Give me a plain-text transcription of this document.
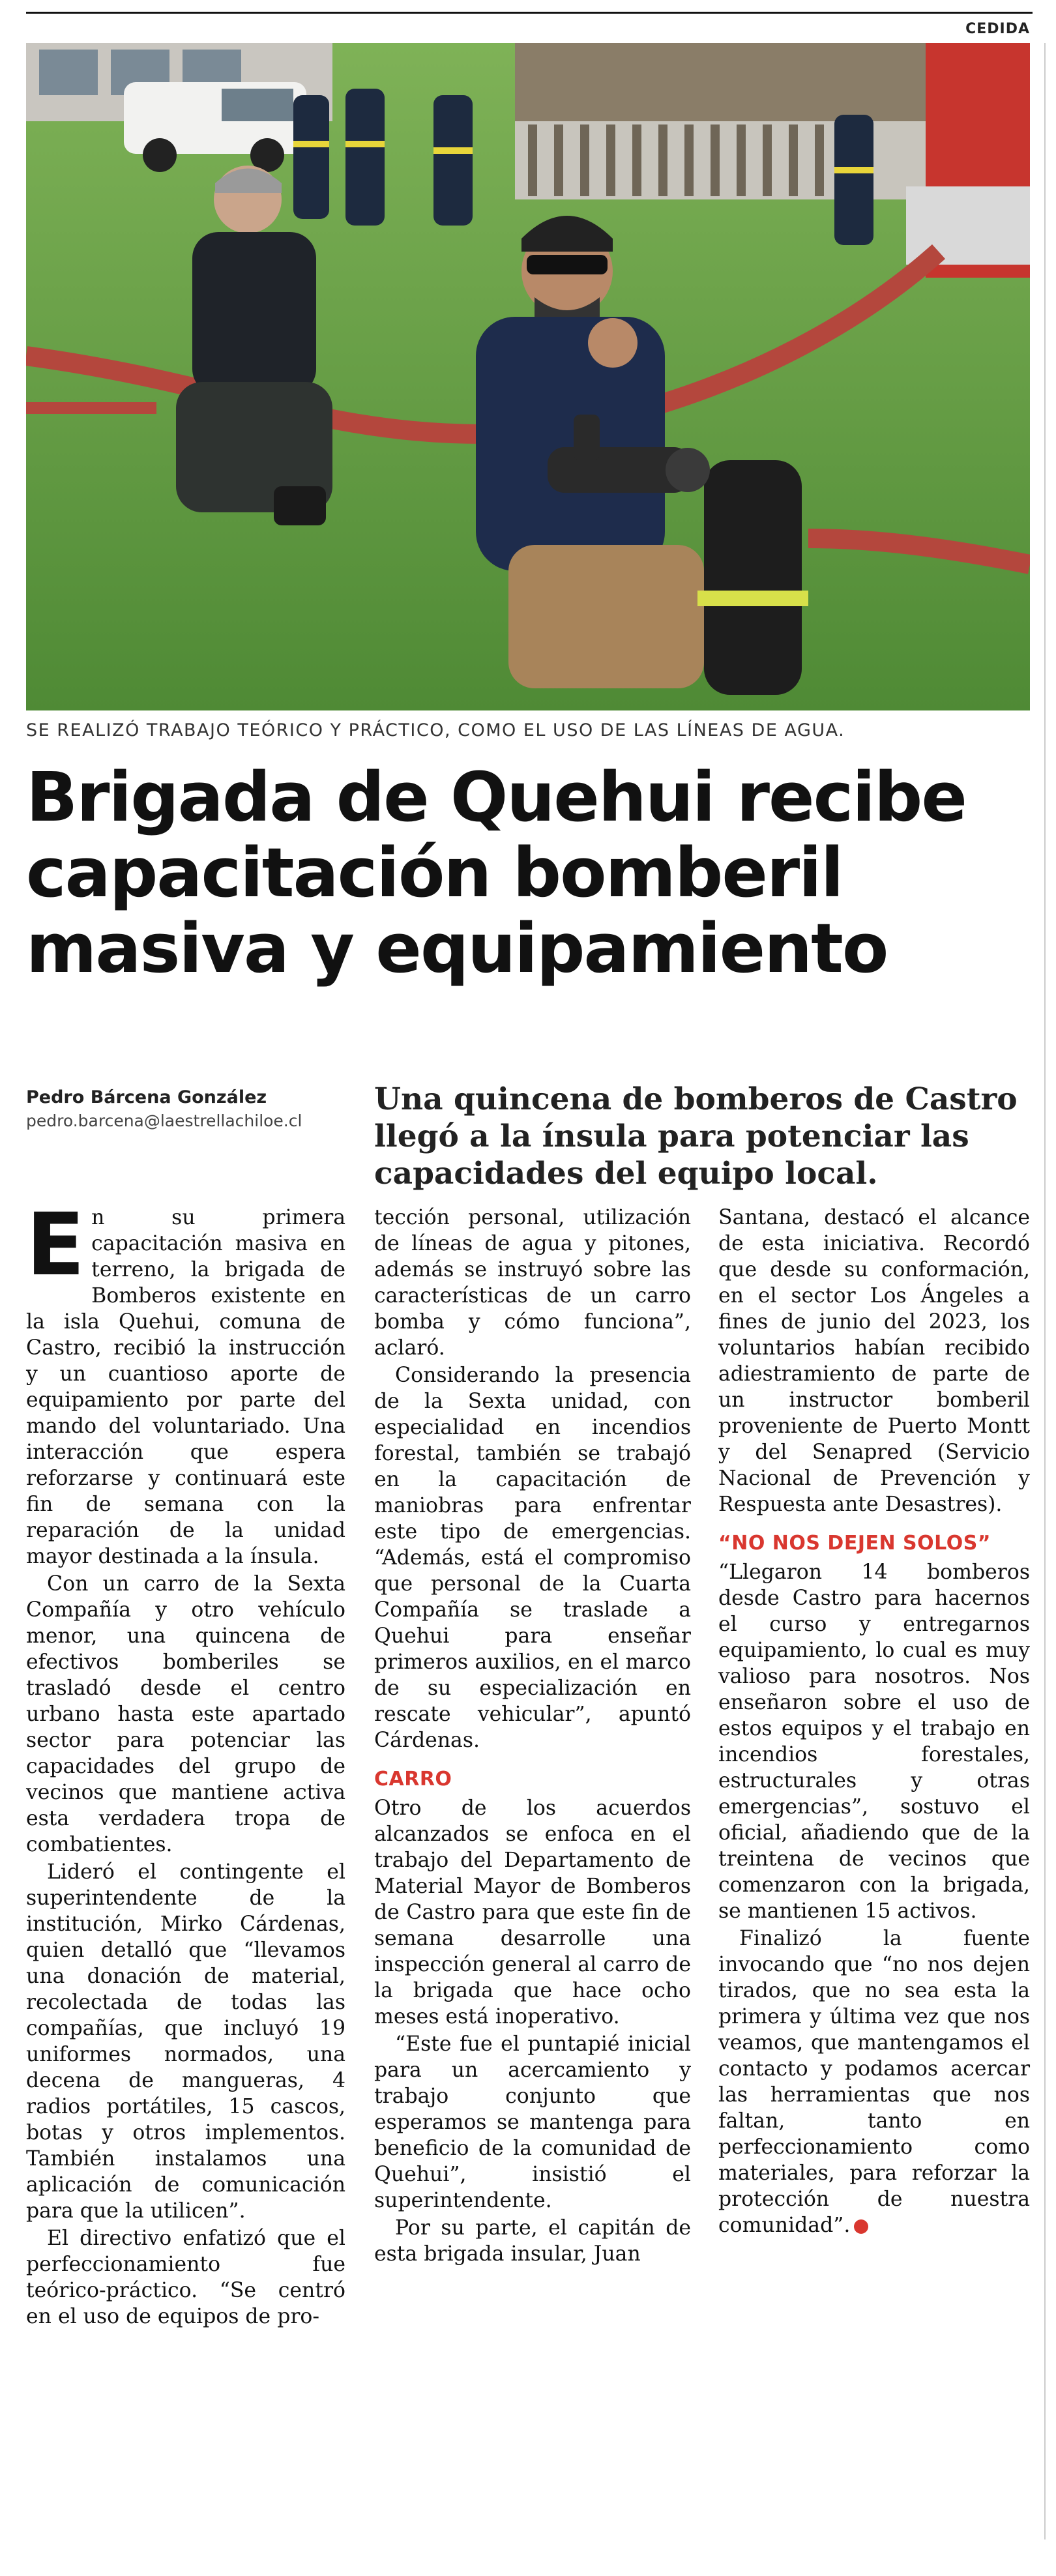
CEDIDA
SE REALIZÓ TRABAJO TEÓRICO Y PRÁCTICO, COMO EL USO DE LAS LÍNEAS DE AGUA.
Brigada de Quehui recibe
capacitación bomberil
masiva y equipamiento
Pedro Bárcena González
pedro.barcena@laestrellachiloe.cl
Una quincena de bomberos de Castro llegó a la ínsula para potenciar las capacidades del equipo local.

En su primera capacitación masiva en terreno, la brigada de Bomberos existente en la isla Quehui, comuna de Castro, recibió la instrucción y un cuantioso aporte de equipamiento por parte del mando del voluntariado. Una interacción que espera reforzarse y continuará este fin de semana con la reparación de la unidad mayor destinada a la ínsula.

Con un carro de la Sexta Compañía y otro vehículo menor, una quincena de efectivos bomberiles se trasladó desde el centro urbano hasta este apartado sector para potenciar las capacidades del grupo de vecinos que mantiene activa esta verdadera tropa de combatientes.

Lideró el contingente el superintendente de la institución, Mirko Cárdenas, quien detalló que “llevamos una donación de material, recolectada de todas las compañías, que incluyó 19 uniformes normados, una decena de mangueras, 4 radios portátiles, 15 cascos, botas y otros implementos. También instalamos una aplicación de comunicación para que la utilicen”.

El directivo enfatizó que el perfeccionamiento fue teórico-práctico. “Se centró en el uso de equipos de pro-

tección personal, utilización de líneas de agua y pitones, además se instruyó sobre las características de un carro bomba y cómo funciona”, aclaró.

Considerando la presencia de la Sexta unidad, con especialidad en incendios forestal, también se trabajó en la capacitación de maniobras para enfrentar este tipo de emergencias. “Además, está el compromiso que personal de la Cuarta Compañía se traslade a Quehui para enseñar primeros auxilios, en el marco de su especialización en rescate vehicular”, apuntó Cárdenas.

CARRO

Otro de los acuerdos alcanzados se enfoca en el trabajo del Departamento de Material Mayor de Bomberos de Castro para que este fin de semana desarrolle una inspección general al carro de la brigada que hace ocho meses está inoperativo.

“Este fue el puntapié inicial para un acercamiento y trabajo conjunto que esperamos se mantenga para beneficio de la comunidad de Quehui”, insistió el superintendente.

Por su parte, el capitán de esta brigada insular, Juan

Santana, destacó el alcance de esta iniciativa. Recordó que desde su conformación, en el sector Los Ángeles a fines de junio del 2023, los voluntarios habían recibido adiestramiento de parte de un instructor bomberil proveniente de Puerto Montt y del Senapred (Servicio Nacional de Prevención y Respuesta ante Desastres).

“NO NOS DEJEN SOLOS”

“Llegaron 14 bomberos desde Castro para hacernos el curso y entregarnos equipamiento, lo cual es muy valioso para nosotros. Nos enseñaron sobre el uso de estos equipos y el trabajo en incendios forestales, estructurales y otras emergencias”, sostuvo el oficial, añadiendo que de la treintena de vecinos que comenzaron con la brigada, se mantienen 15 activos.

Finalizó la fuente invocando que “no nos dejen tirados, que no sea esta la primera y última vez que nos veamos, que mantengamos el contacto y podamos acercar las herramientas que nos faltan, tanto en perfeccionamiento como materiales, para reforzar la protección de nuestra comunidad”. ✪
